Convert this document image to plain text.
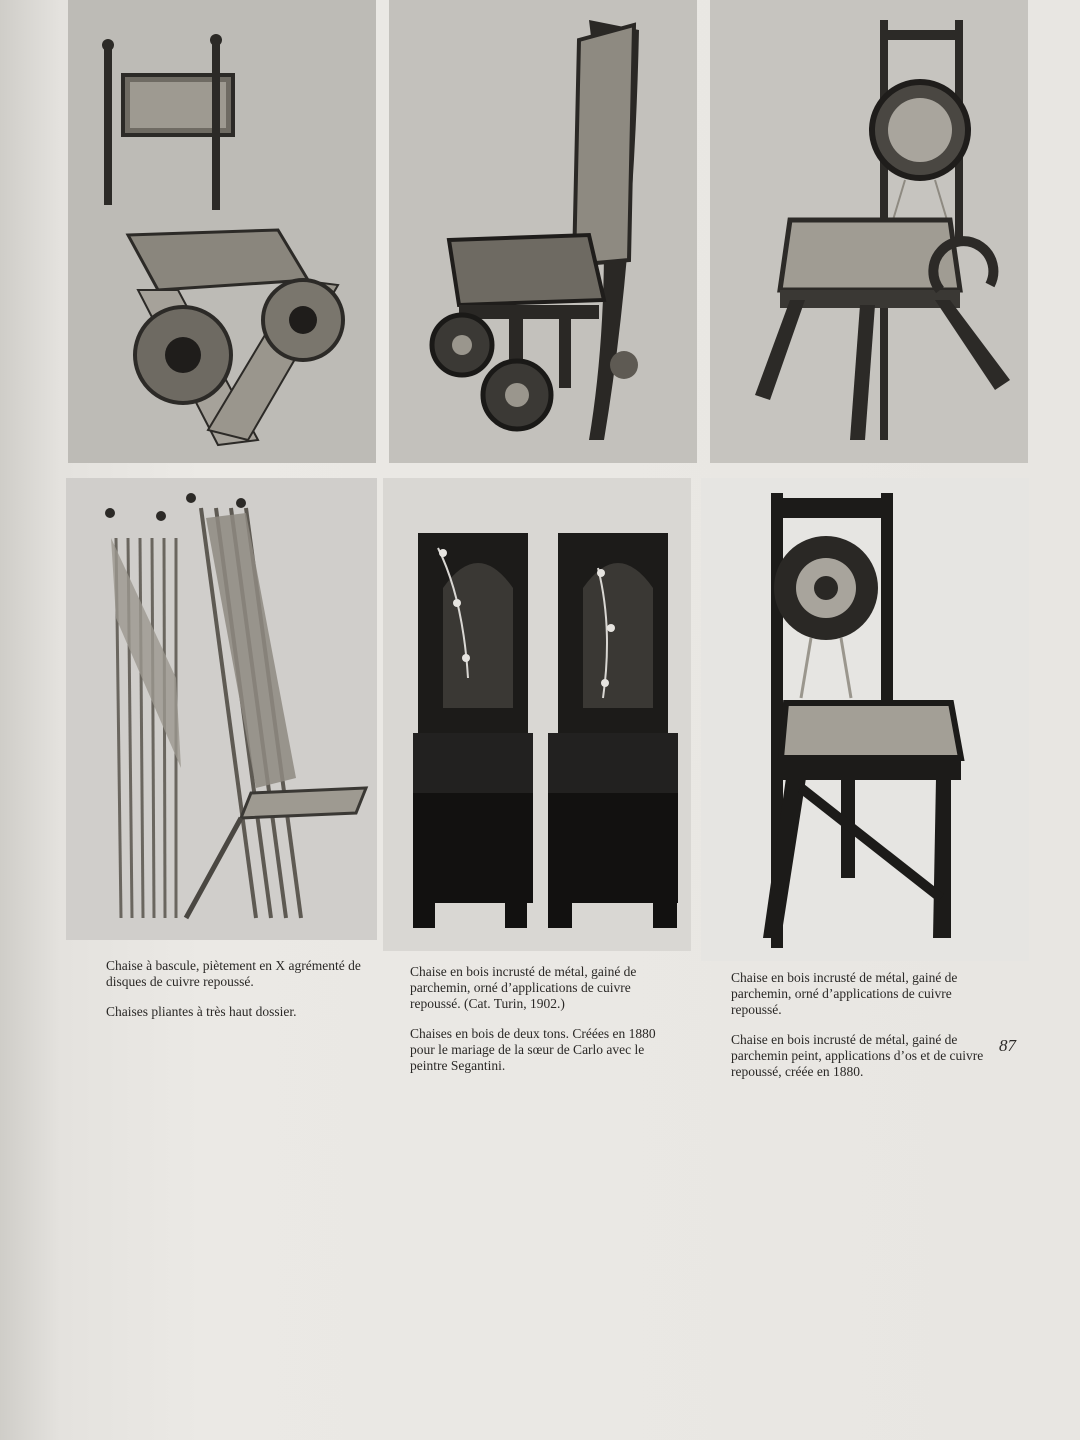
Chaise à bascule, piètement en X agrémenté de disques de cuivre repoussé.

Chaises pliantes à très haut dossier.

Chaise en bois incrusté de métal, gainé de parchemin, orné d’applications de cuivre repoussé. (Cat. Turin, 1902.)

Chaises en bois de deux tons. Créées en 1880 pour le mariage de la sœur de Carlo avec le peintre Segantini.

Chaise en bois incrusté de métal, gainé de parchemin, orné d’applications de cuivre repoussé.

Chaise en bois incrusté de métal, gainé de parchemin peint, applications d’os et de cuivre repoussé, créée en 1880.

87
